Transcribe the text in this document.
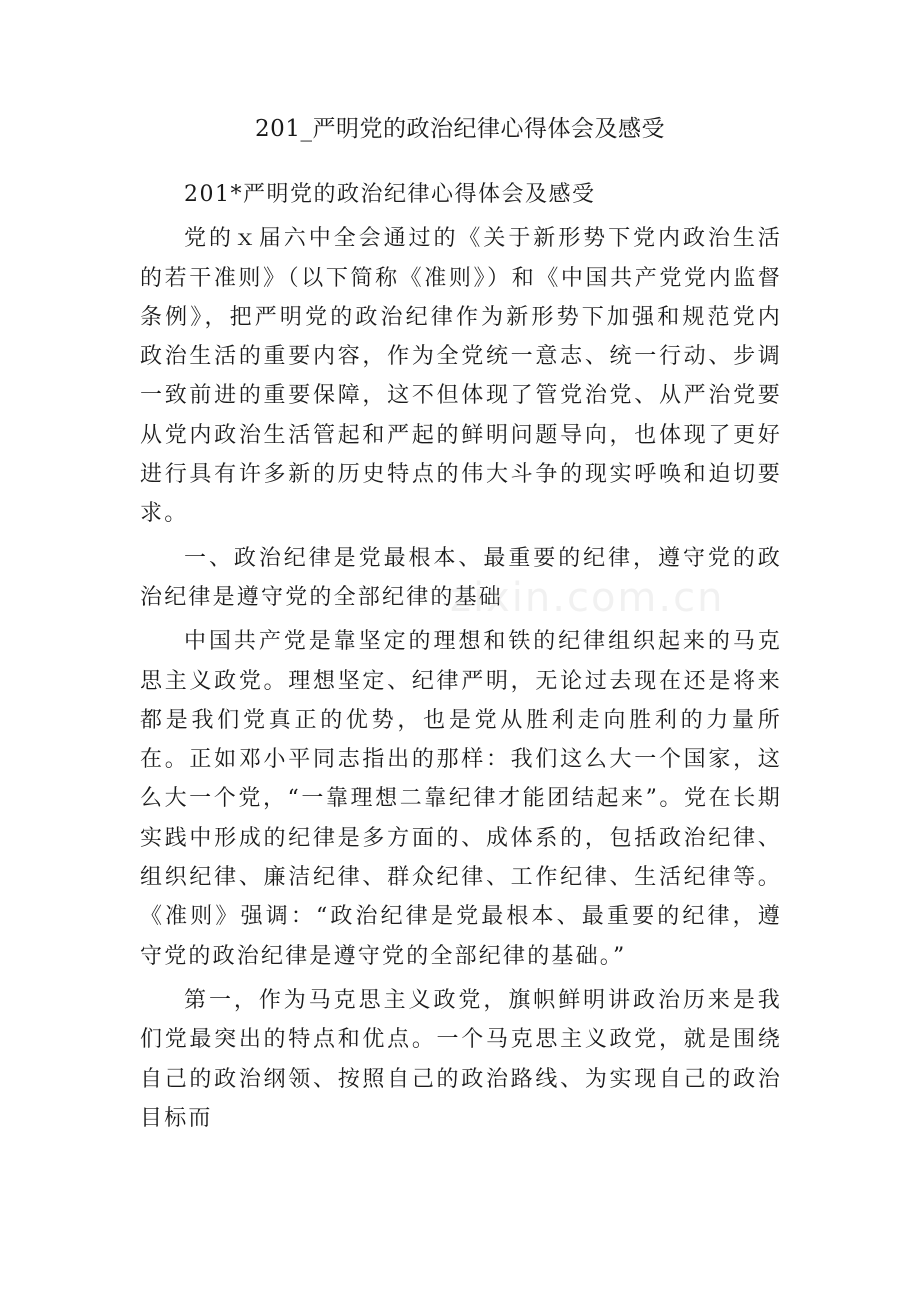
201_严明党的政治纪律心得体会及感受

201*严明党的政治纪律心得体会及感受

党的ｘ届六中全会通过的《关于新形势下党内政治生活的若干准则》（以下简称《准则》）和《中国共产党党内监督条例》，把严明党的政治纪律作为新形势下加强和规范党内政治生活的重要内容，作为全党统一意志、统一行动、步调一致前进的重要保障，这不但体现了管党治党、从严治党要从党内政治生活管起和严起的鲜明问题导向，也体现了更好进行具有许多新的历史特点的伟大斗争的现实呼唤和迫切要求。

一、政治纪律是党最根本、最重要的纪律，遵守党的政治纪律是遵守党的全部纪律的基础

中国共产党是靠坚定的理想和铁的纪律组织起来的马克思主义政党。理想坚定、纪律严明，无论过去现在还是将来都是我们党真正的优势，也是党从胜利走向胜利的力量所在。正如邓小平同志指出的那样：我们这么大一个国家，这么大一个党，“一靠理想二靠纪律才能团结起来”。党在长期实践中形成的纪律是多方面的、成体系的，包括政治纪律、组织纪律、廉洁纪律、群众纪律、工作纪律、生活纪律等。《准则》强调：“政治纪律是党最根本、最重要的纪律，遵守党的政治纪律是遵守党的全部纪律的基础。”

第一，作为马克思主义政党，旗帜鲜明讲政治历来是我们党最突出的特点和优点。一个马克思主义政党，就是围绕自己的政治纲领、按照自己的政治路线、为实现自己的政治目标而

zixin.com.cn
